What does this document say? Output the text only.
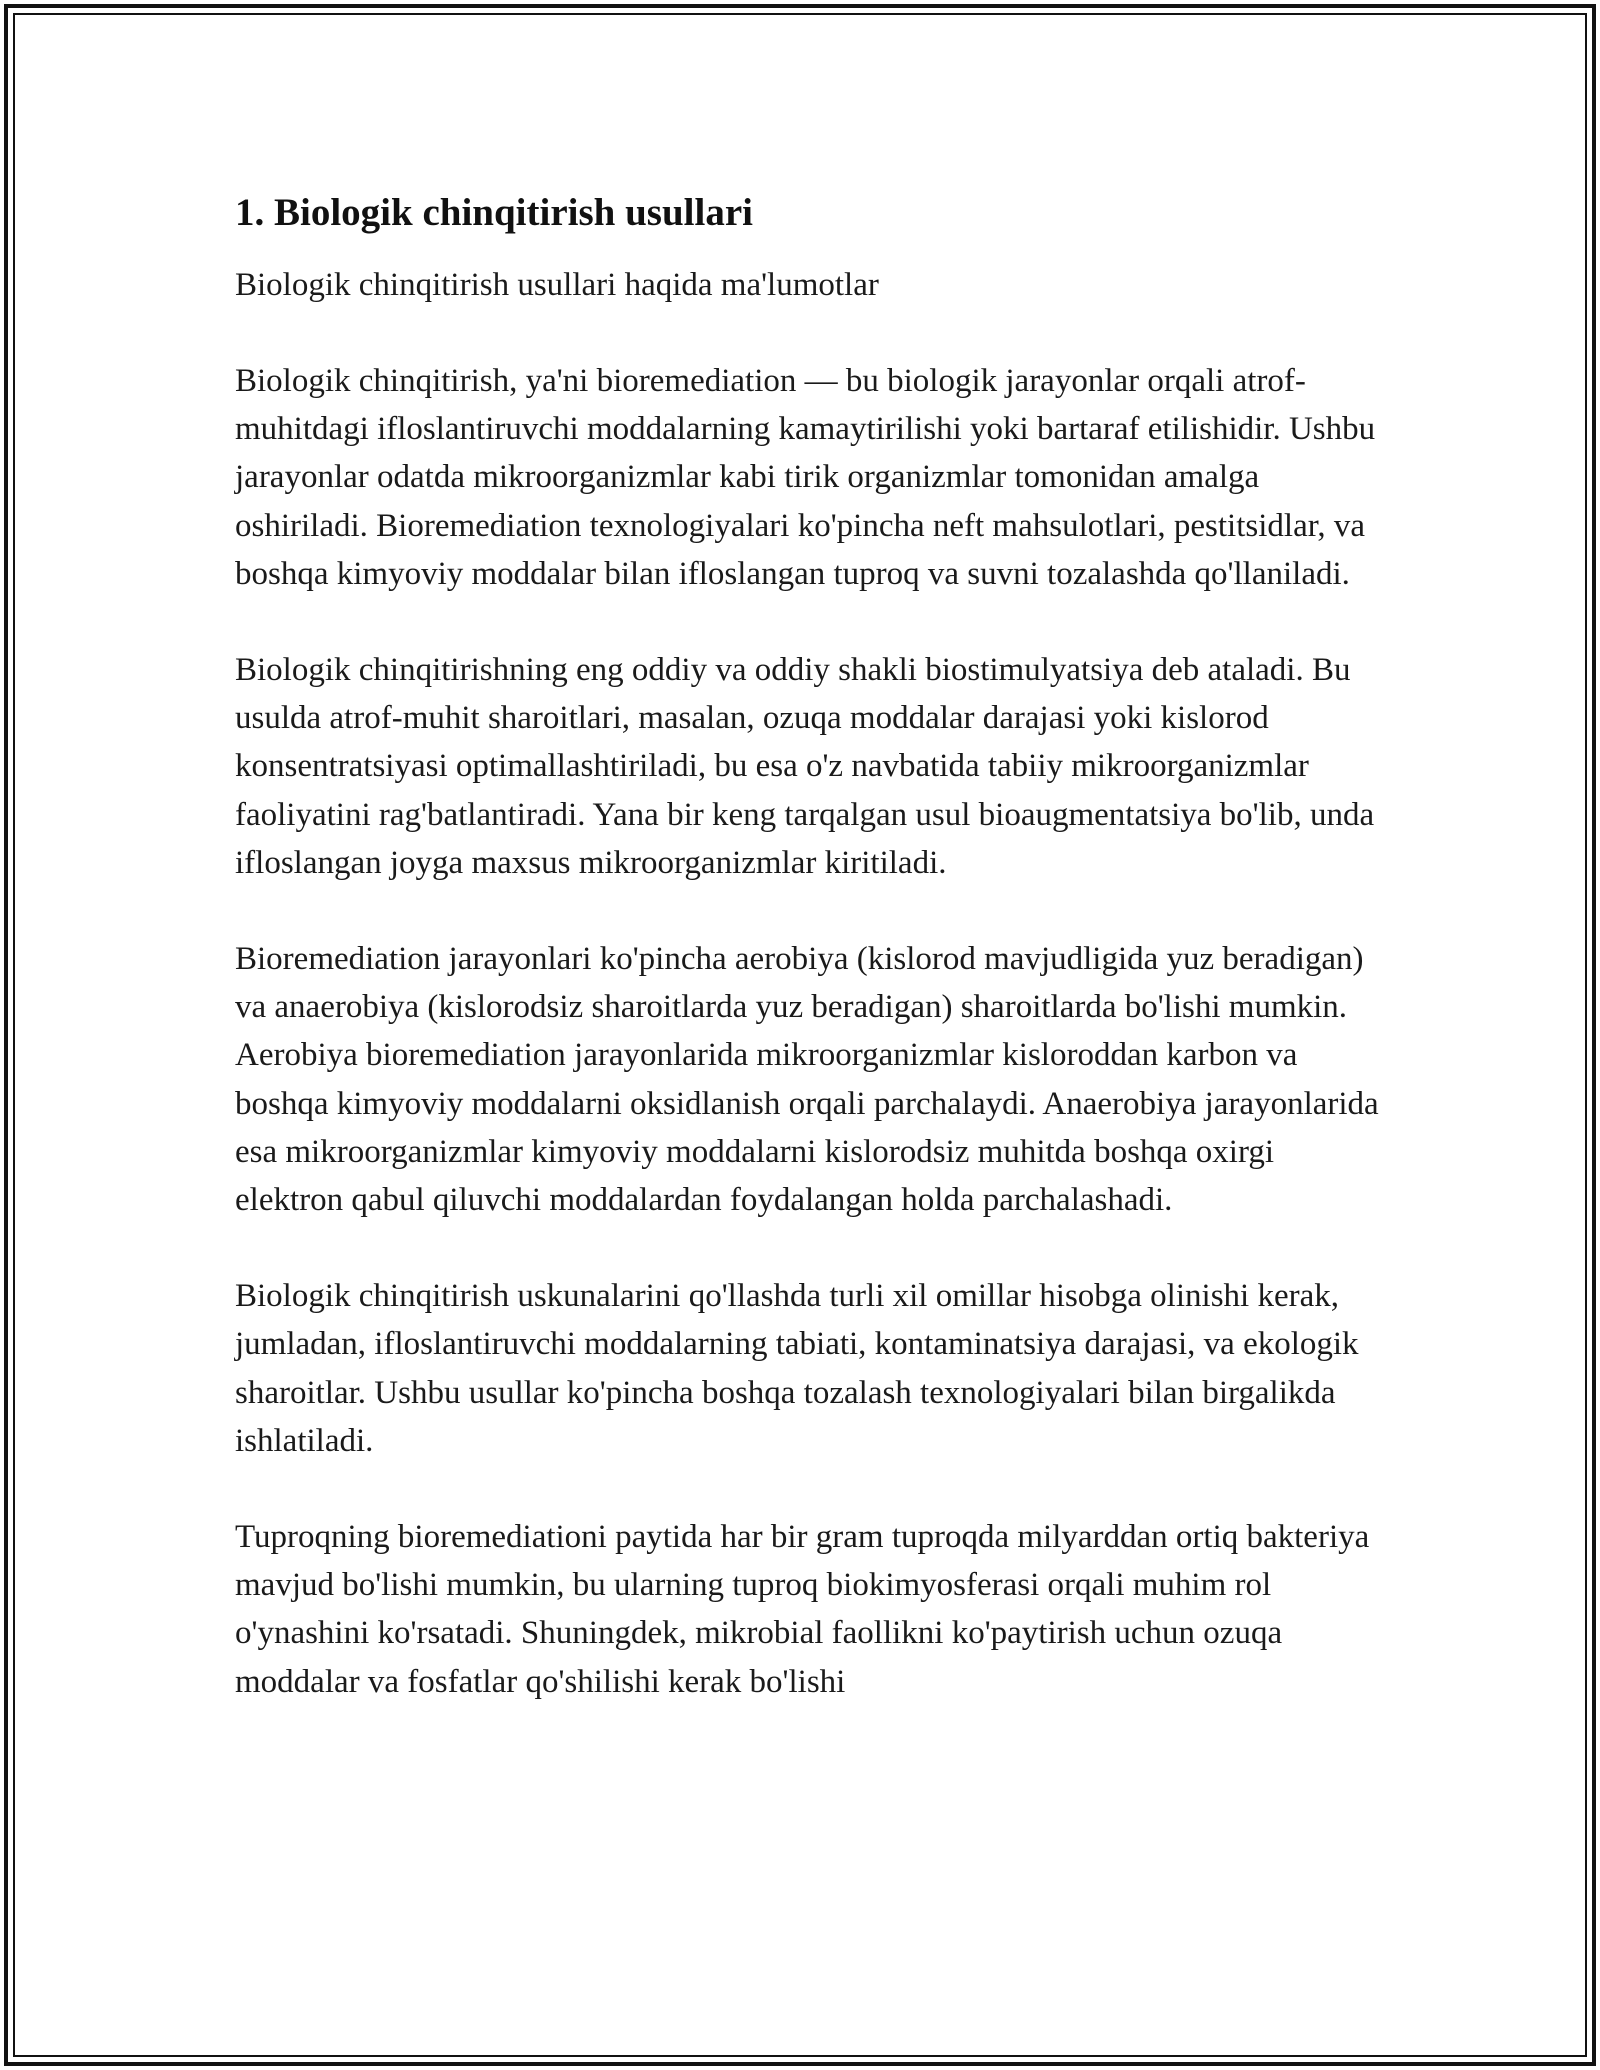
1. Biologik chinqitirish usullari

Biologik chinqitirish usullari haqida ma'lumotlar

Biologik chinqitirish, ya'ni bioremediation — bu biologik jarayonlar orqali atrof-muhitdagi ifloslantiruvchi moddalarning kamaytirilishi yoki bartaraf etilishidir. Ushbu jarayonlar odatda mikroorganizmlar kabi tirik organizmlar tomonidan amalga oshiriladi. Bioremediation texnologiyalari ko'pincha neft mahsulotlari, pestitsidlar, va boshqa kimyoviy moddalar bilan ifloslangan tuproq va suvni tozalashda qo'llaniladi.

Biologik chinqitirishning eng oddiy va oddiy shakli biostimulyatsiya deb ataladi. Bu usulda atrof-muhit sharoitlari, masalan, ozuqa moddalar darajasi yoki kislorod konsentratsiyasi optimallashtiriladi, bu esa o'z navbatida tabiiy mikroorganizmlar faoliyatini rag'batlantiradi. Yana bir keng tarqalgan usul bioaugmentatsiya bo'lib, unda ifloslangan joyga maxsus mikroorganizmlar kiritiladi.

Bioremediation jarayonlari ko'pincha aerobiya (kislorod mavjudligida yuz beradigan) va anaerobiya (kislorodsiz sharoitlarda yuz beradigan) sharoitlarda bo'lishi mumkin. Aerobiya bioremediation jarayonlarida mikroorganizmlar kisloroddan karbon va boshqa kimyoviy moddalarni oksidlanish orqali parchalaydi. Anaerobiya jarayonlarida esa mikroorganizmlar kimyoviy moddalarni kislorodsiz muhitda boshqa oxirgi elektron qabul qiluvchi moddalardan foydalangan holda parchalashadi.

Biologik chinqitirish uskunalarini qo'llashda turli xil omillar hisobga olinishi kerak, jumladan, ifloslantiruvchi moddalarning tabiati, kontaminatsiya darajasi, va ekologik sharoitlar. Ushbu usullar ko'pincha boshqa tozalash texnologiyalari bilan birgalikda ishlatiladi.

Tuproqning bioremediationi paytida har bir gram tuproqda milyarddan ortiq bakteriya mavjud bo'lishi mumkin, bu ularning tuproq biokimyosferasi orqali muhim rol o'ynashini ko'rsatadi. Shuningdek, mikrobial faollikni ko'paytirish uchun ozuqa moddalar va fosfatlar qo'shilishi kerak bo'lishi
